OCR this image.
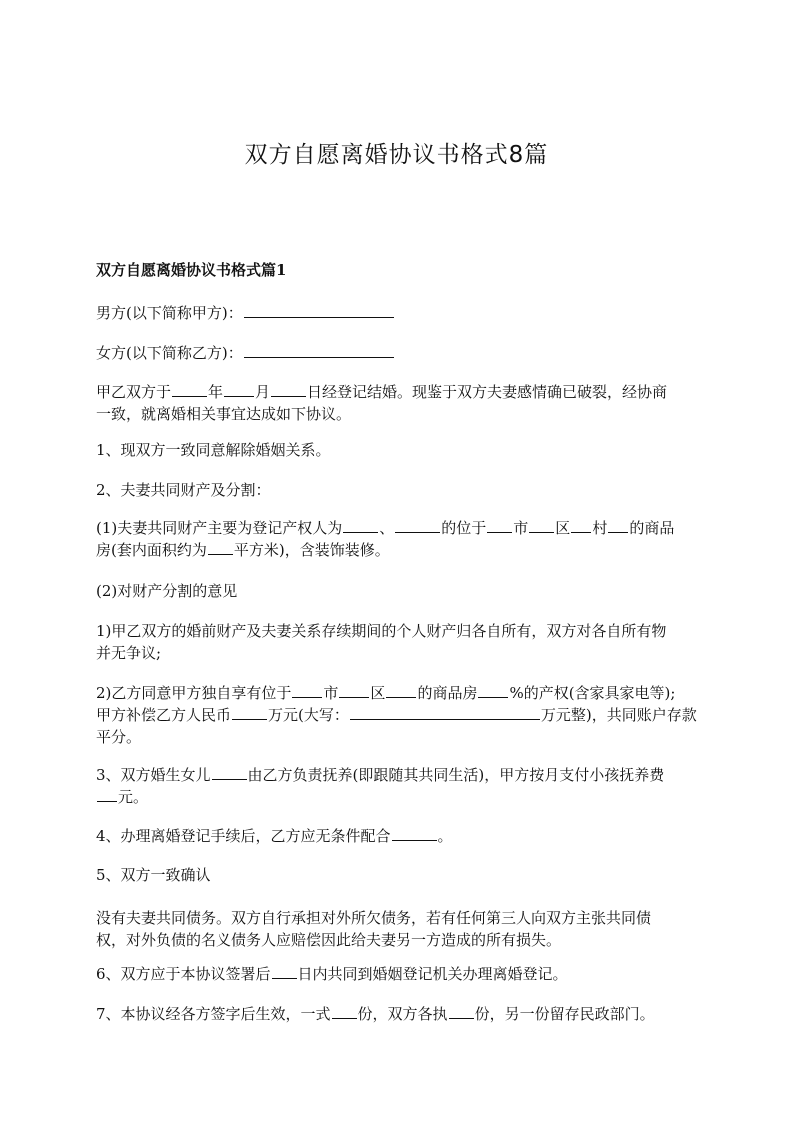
双方自愿离婚协议书格式8篇
双方自愿离婚协议书格式篇1
男方(以下简称甲方)：
女方(以下简称乙方)：
甲乙双方于 年 月 日经登记结婚。现鉴于双方夫妻感情确已破裂，经协商
一致，就离婚相关事宜达成如下协议。
1、现双方一致同意解除婚姻关系。
2、夫妻共同财产及分割：
(1)夫妻共同财产主要为登记产权人为 、	的位于 市 区 村 的商品
房(套内面积约为 平方米)，含装饰装修。
(2)对财产分割的意见
1)甲乙双方的婚前财产及夫妻关系存续期间的个人财产归各自所有，双方对各自所有物
并无争议;
2)乙方同意甲方独自享有位于 市 区 的商品房 %的产权(含家具家电等);
甲方补偿乙方人民币 万元(大写：	万元整)，共同账户存款
平分。
3、双方婚生女儿 由乙方负责抚养(即跟随其共同生活)，甲方按月支付小孩抚养费
元。
4、办理离婚登记手续后，乙方应无条件配合	。
5、双方一致确认
没有夫妻共同债务。双方自行承担对外所欠债务，若有任何第三人向双方主张共同债
权，对外负债的名义债务人应赔偿因此给夫妻另一方造成的所有损失。
6、双方应于本协议签署后 日内共同到婚姻登记机关办理离婚登记。
7、本协议经各方签字后生效，一式 份，双方各执 份，另一份留存民政部门。
